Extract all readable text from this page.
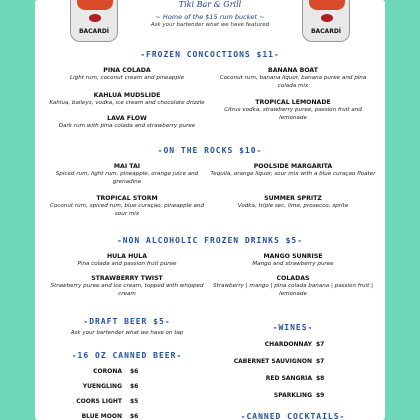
BACARDÍ	BACARDÍ
Tiki Bar & Grill
~ Home of the $15 rum bucket ~
Ask your bartender what we have featured
-FROZEN CONCOCTIONS $11-
PINA COLADA
Light rum, coconut cream and pineapple
BANANA BOAT
Coconut rum, banana liquor, banana puree and pina colada mix
KAHLUA MUDSLIDE
Kahlua, baileys, vodka, ice cream and chocolate drizzle	TROPICAL LEMONADE
Citrus vodka, strawberry puree, passion fruit and lemonade
LAVA FLOW
Dark rum with pina colada and strawberry puree
-ON THE ROCKS $10-
MAI TAI
Spiced rum, light rum, pineapple, orange juice and grenadine
POOLSIDE MARGARITA
Tequila, orange liquor, sour mix with a blue curaçao floater
TROPICAL STORM
Coconut rum, spiced rum, blue curaçao, pineapple and sour mix
SUMMER SPRITZ
Vodka, triple sec, lime, prosecco, sprite
-NON ALCOHOLIC FROZEN DRINKS $5-
HULA HULA
Pina colada and passion fruit puree
MANGO SUNRISE
Mango and strawberry puree
STRAWBERRY TWIST
Strawberry puree and ice cream, topped with whipped cream
COLADAS
Strawberry | mango | pina colada banana | passion fruit | lemonade
-DRAFT BEER $5-
Ask your bartender what we have on tap
-16 OZ CANNED BEER-
CORONA $6
YUENGLING $6
COORS LIGHT $5
BLUE MOON $6
-WINES-
CHARDONNAY $7
CABERNET SAUVIGNON $7
RED SANGRIA $8
SPARKLING $9
-CANNED COCKTAILS-
